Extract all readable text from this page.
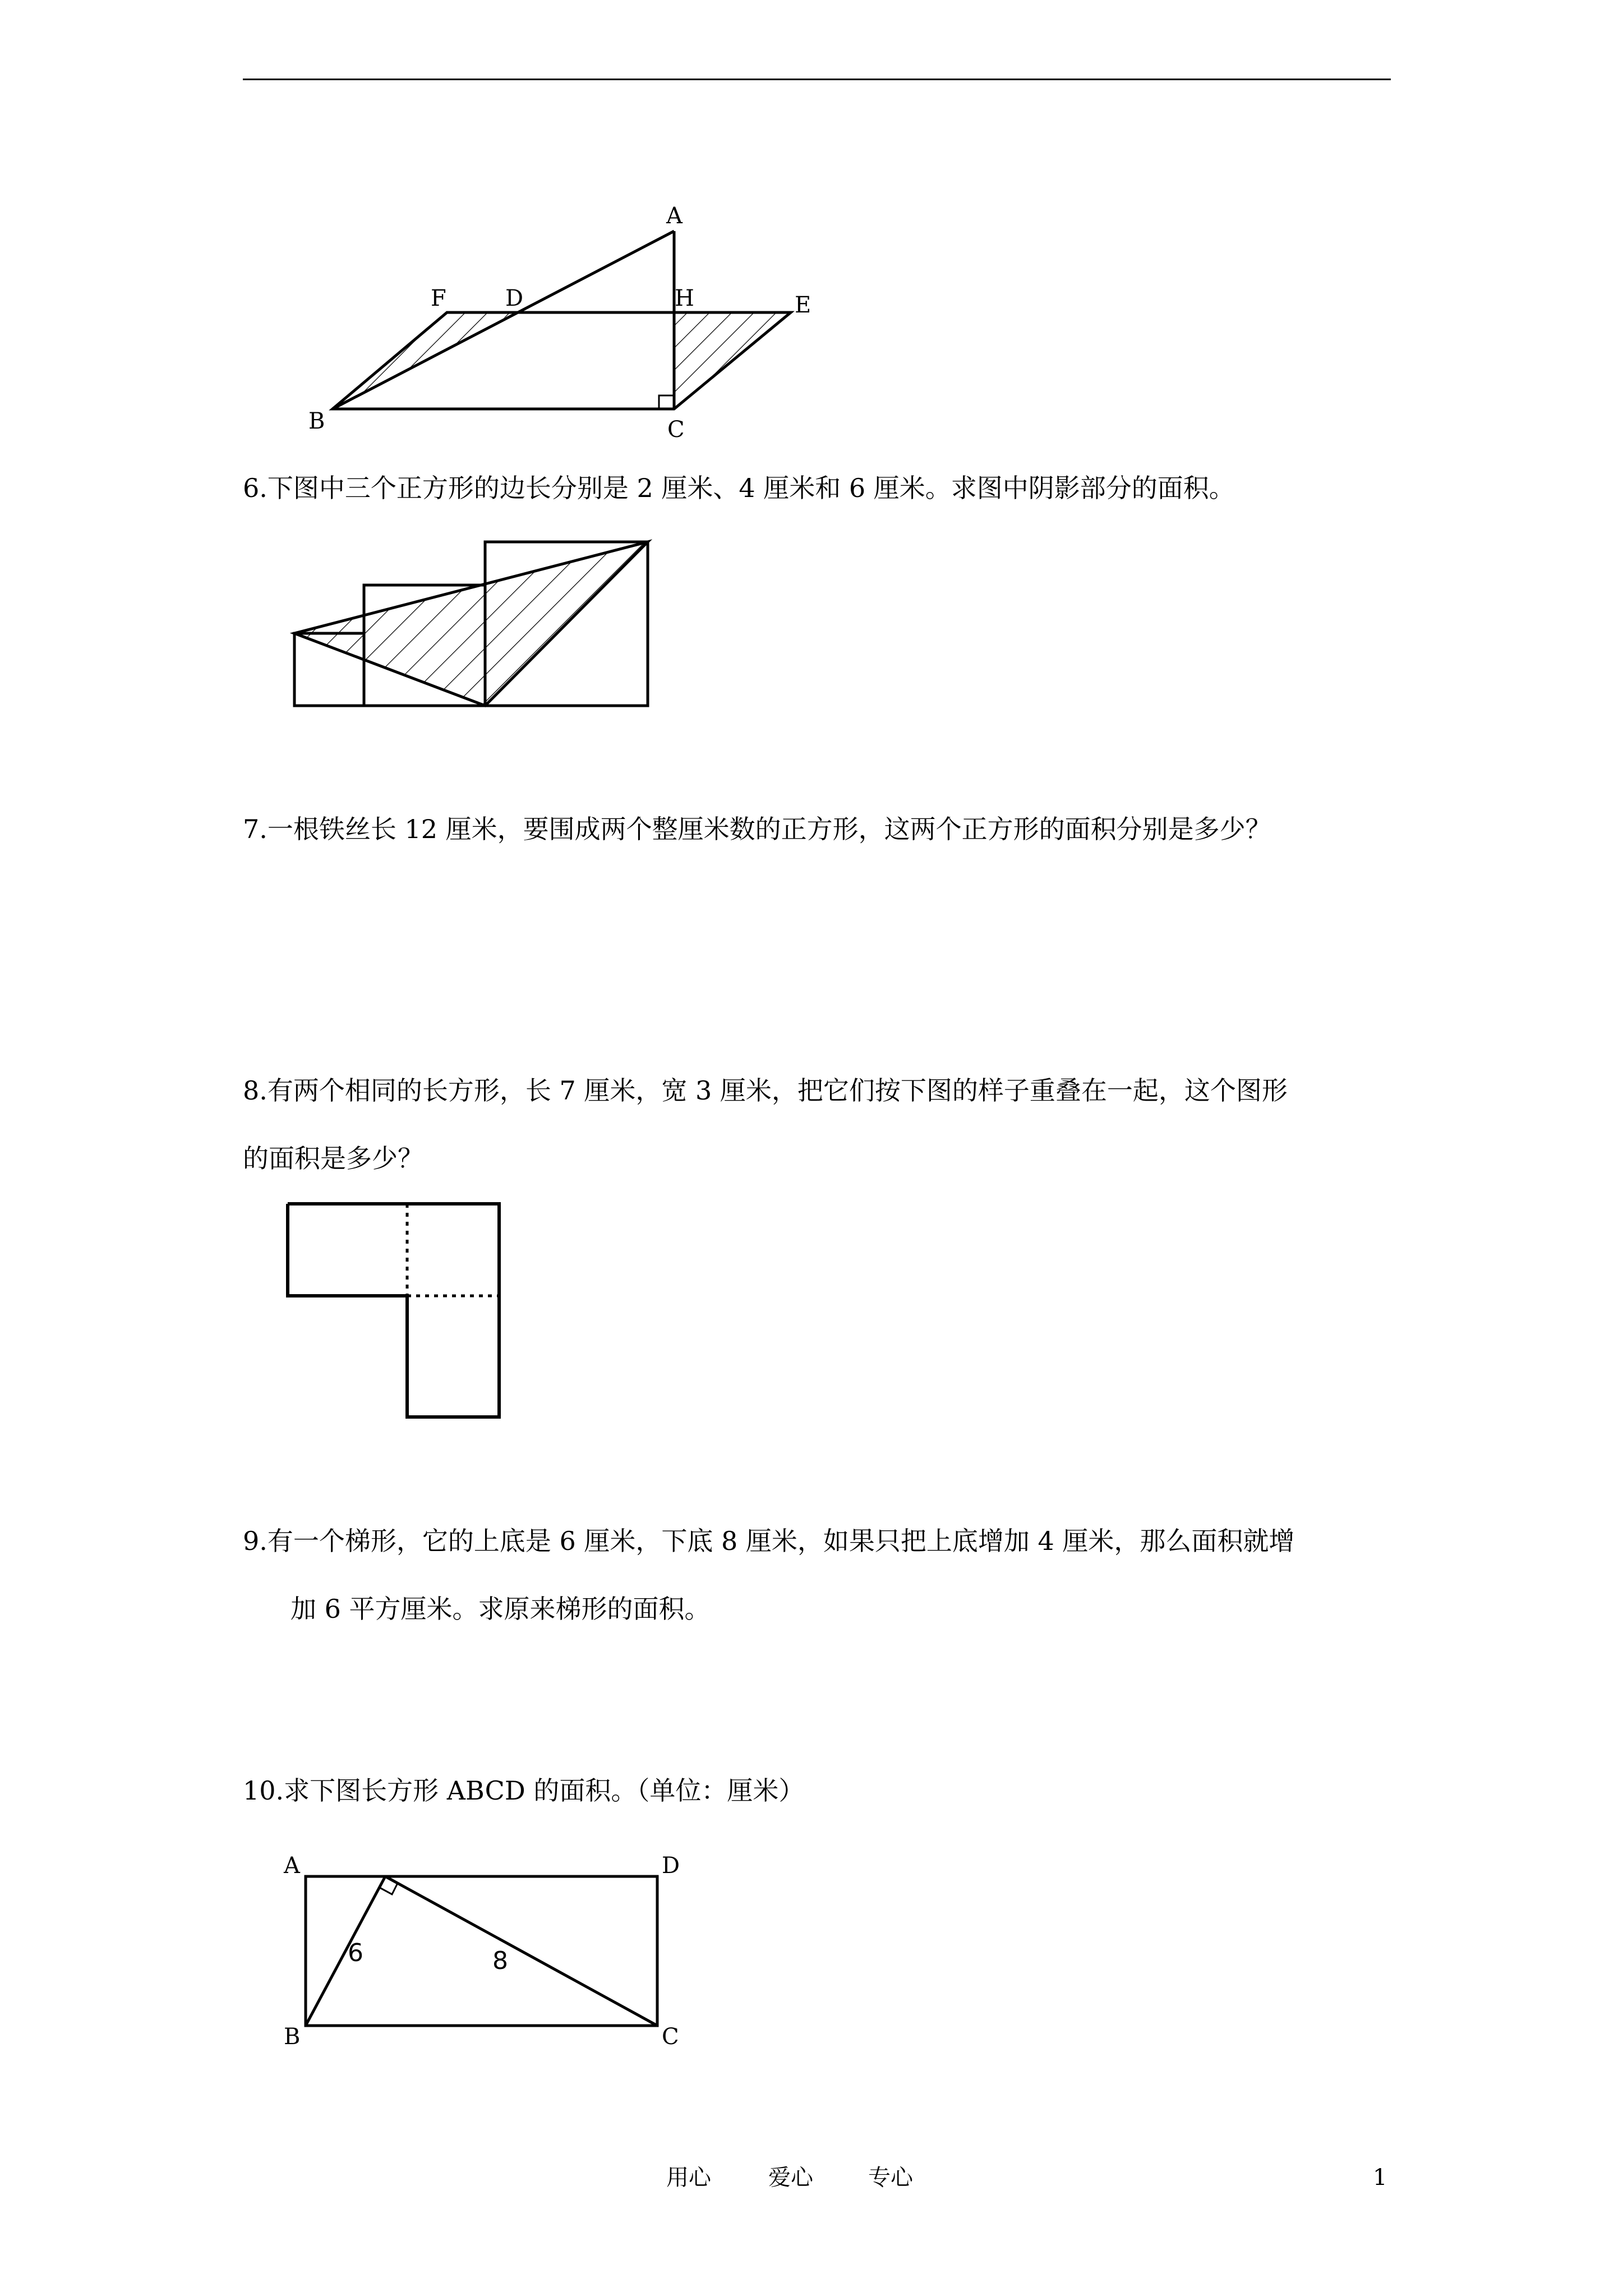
A
F	D	H	E
B	C
6.下图中三个正方形的边长分别是 2 厘米、4 厘米和 6 厘米。求图中阴影部分的面积。
7.一根铁丝长 12 厘米，要围成两个整厘米数的正方形，这两个正方形的面积分别是多少？
8.有两个相同的长方形，长 7 厘米，宽 3 厘米，把它们按下图的样子重叠在一起，这个图形
的面积是多少？
9.有一个梯形，它的上底是 6 厘米，下底 8 厘米，如果只把上底增加 4 厘米，那么面积就增
加 6 平方厘米。求原来梯形的面积。
10.求下图长方形 ABCD 的面积。（单位：厘米）
A	D
B	C
6	8
用心	爱心 专心	1
